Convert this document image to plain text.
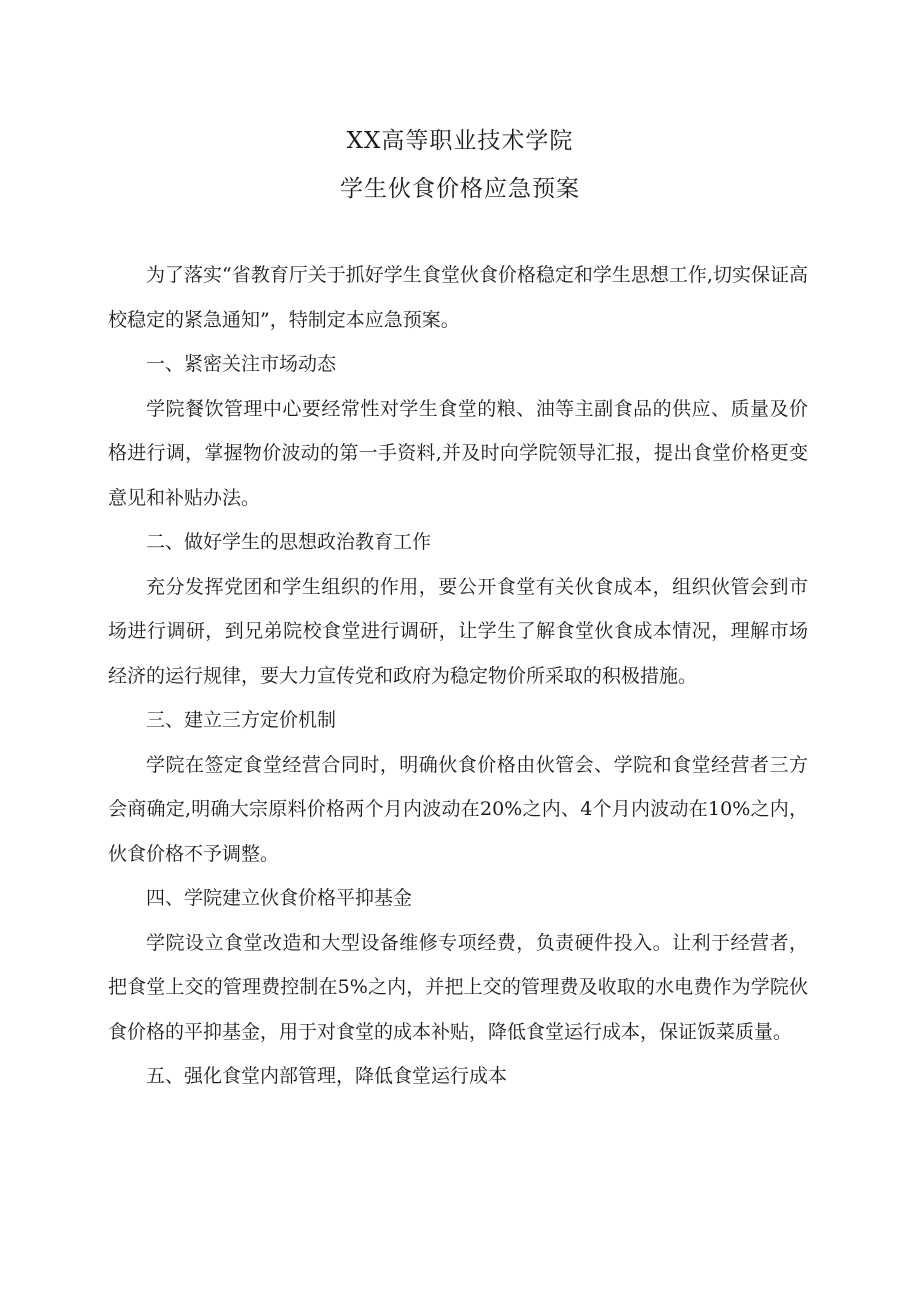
XX高等职业技术学院
学生伙食价格应急预案

为了落实“省教育厅关于抓好学生食堂伙食价格稳定和学生思想工作,切实保证高校稳定的紧急通知”，特制定本应急预案。

一、紧密关注市场动态

学院餐饮管理中心要经常性对学生食堂的粮、油等主副食品的供应、质量及价格进行调，掌握物价波动的第一手资料,并及时向学院领导汇报，提出食堂价格更变意见和补贴办法。

二、做好学生的思想政治教育工作

充分发挥党团和学生组织的作用，要公开食堂有关伙食成本，组织伙管会到市场进行调研，到兄弟院校食堂进行调研，让学生了解食堂伙食成本情况，理解市场经济的运行规律，要大力宣传党和政府为稳定物价所采取的积极措施。

三、建立三方定价机制

学院在签定食堂经营合同时，明确伙食价格由伙管会、学院和食堂经营者三方会商确定,明确大宗原料价格两个月内波动在20%之内、4个月内波动在10%之内，伙食价格不予调整。

四、学院建立伙食价格平抑基金

学院设立食堂改造和大型设备维修专项经费，负责硬件投入。让利于经营者，把食堂上交的管理费控制在5%之内，并把上交的管理费及收取的水电费作为学院伙食价格的平抑基金，用于对食堂的成本补贴，降低食堂运行成本，保证饭菜质量。

五、强化食堂内部管理，降低食堂运行成本
